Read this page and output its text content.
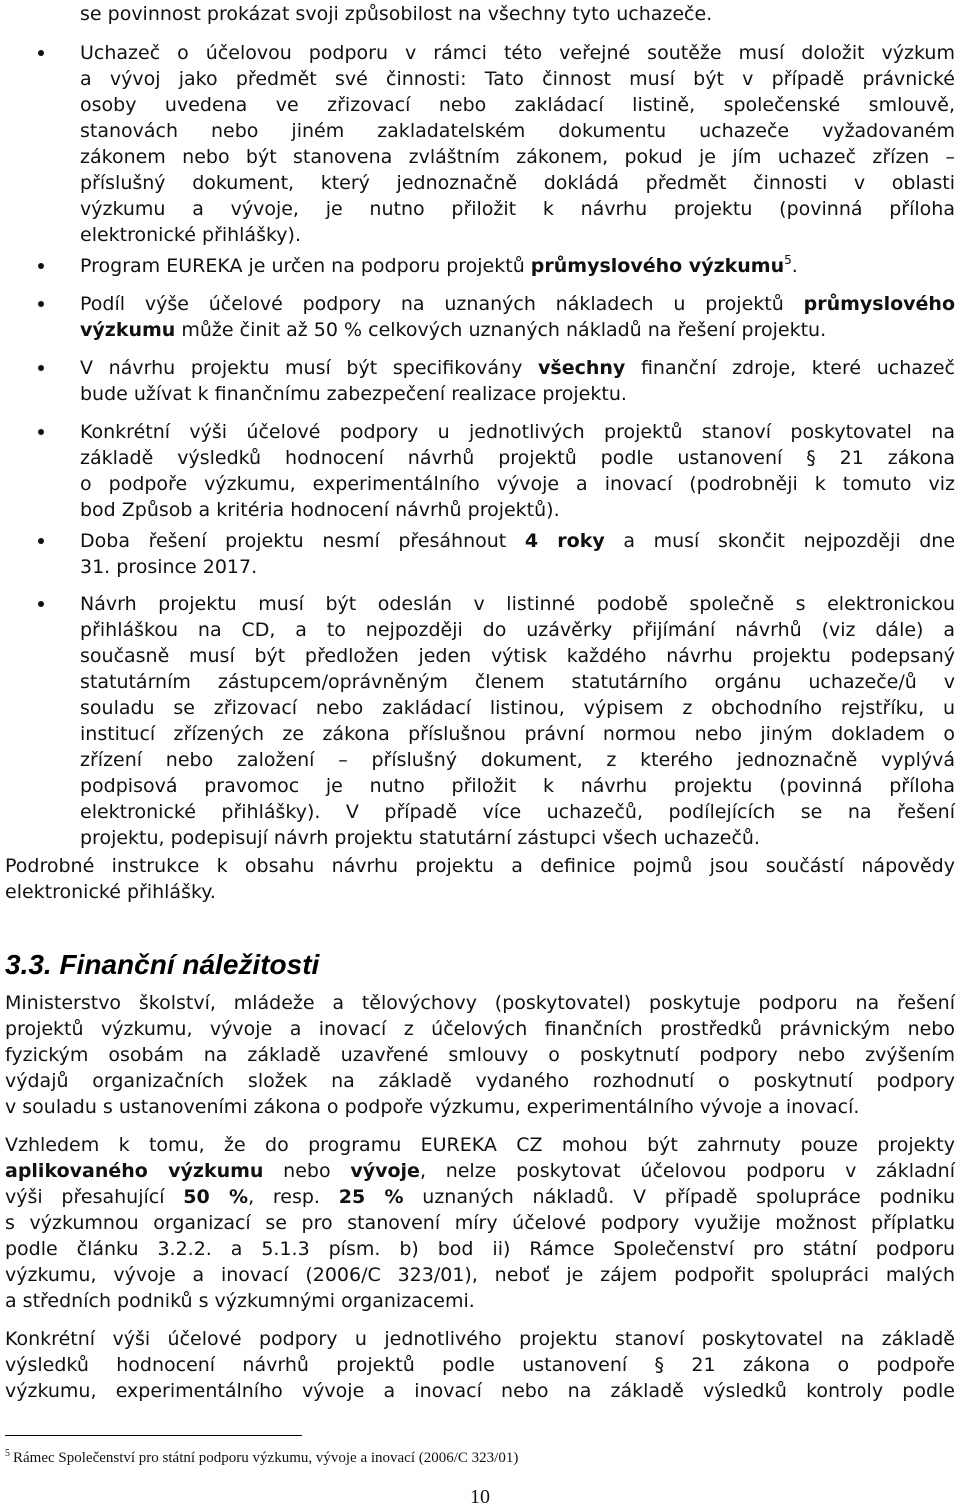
se povinnost prokázat svoji způsobilost na všechny tyto uchazeče.
Uchazeč o účelovou podporu v rámci této veřejné soutěže musí doložit výzkum
a vývoj jako předmět své činnosti: Tato činnost musí být v případě právnické
osoby uvedena ve zřizovací nebo zakládací listině, společenské smlouvě,
stanovách nebo jiném zakladatelském dokumentu uchazeče vyžadovaném
zákonem nebo být stanovena zvláštním zákonem, pokud je jím uchazeč zřízen –
příslušný dokument, který jednoznačně dokládá předmět činnosti v oblasti
výzkumu a vývoje, je nutno přiložit k návrhu projektu (povinná příloha
elektronické přihlášky).
Program EUREKA je určen na podporu projektů průmyslového výzkumu$^5$.
Podíl výše účelové podpory na uznaných nákladech u projektů průmyslového
výzkumu může činit až 50 % celkových uznaných nákladů na řešení projektu.
V návrhu projektu musí být specifikovány všechny finanční zdroje, které uchazeč
bude užívat k finančnímu zabezpečení realizace projektu.
Konkrétní výši účelové podpory u jednotlivých projektů stanoví poskytovatel na
základě výsledků hodnocení návrhů projektů podle ustanovení § 21 zákona
o podpoře výzkumu, experimentálního vývoje a inovací (podrobněji k tomuto viz
bod Způsob a kritéria hodnocení návrhů projektů).
Doba řešení projektu nesmí přesáhnout 4 roky a musí skončit nejpozději dne
31. prosince 2017.
Návrh projektu musí být odeslán v listinné podobě společně s elektronickou
přihláškou na CD, a to nejpozději do uzávěrky přijímání návrhů (viz dále) a
současně musí být předložen jeden výtisk každého návrhu projektu podepsaný
statutárním zástupcem/oprávněným členem statutárního orgánu uchazeče/ů v
souladu se zřizovací nebo zakládací listinou, výpisem z obchodního rejstříku, u
institucí zřízených ze zákona příslušnou právní normou nebo jiným dokladem o
zřízení nebo založení – příslušný dokument, z kterého jednoznačně vyplývá
podpisová pravomoc je nutno přiložit k návrhu projektu (povinná příloha
elektronické přihlášky). V případě více uchazečů, podílejících se na řešení
projektu, podepisují návrh projektu statutární zástupci všech uchazečů.
Podrobné instrukce k obsahu návrhu projektu a definice pojmů jsou součástí nápovědy
elektronické přihlášky.
3.3. Finanční náležitosti
Ministerstvo školství, mládeže a tělovýchovy (poskytovatel) poskytuje podporu na řešení
projektů výzkumu, vývoje a inovací z účelových finančních prostředků právnickým nebo
fyzickým osobám na základě uzavřené smlouvy o poskytnutí podpory nebo zvýšením
výdajů organizačních složek na základě vydaného rozhodnutí o poskytnutí podpory
v souladu s ustanoveními zákona o podpoře výzkumu, experimentálního vývoje a inovací.
Vzhledem k tomu, že do programu EUREKA CZ mohou být zahrnuty pouze projekty
aplikovaného výzkumu nebo vývoje, nelze poskytovat účelovou podporu v základní
výši přesahující 50 %, resp. 25 % uznaných nákladů. V případě spolupráce podniku
s výzkumnou organizací se pro stanovení míry účelové podpory využije možnost příplatku
podle článku 3.2.2. a 5.1.3 písm. b) bod ii) Rámce Společenství pro státní podporu
výzkumu, vývoje a inovací (2006/C 323/01), neboť je zájem podpořit spolupráci malých
a středních podniků s výzkumnými organizacemi.
Konkrétní výši účelové podpory u jednotlivého projektu stanoví poskytovatel na základě
výsledků hodnocení návrhů projektů podle ustanovení § 21 zákona o podpoře
výzkumu, experimentálního vývoje a inovací nebo na základě výsledků kontroly podle
$^5$ Rámec Společenství pro státní podporu výzkumu, vývoje a inovací (2006/C 323/01)
10
